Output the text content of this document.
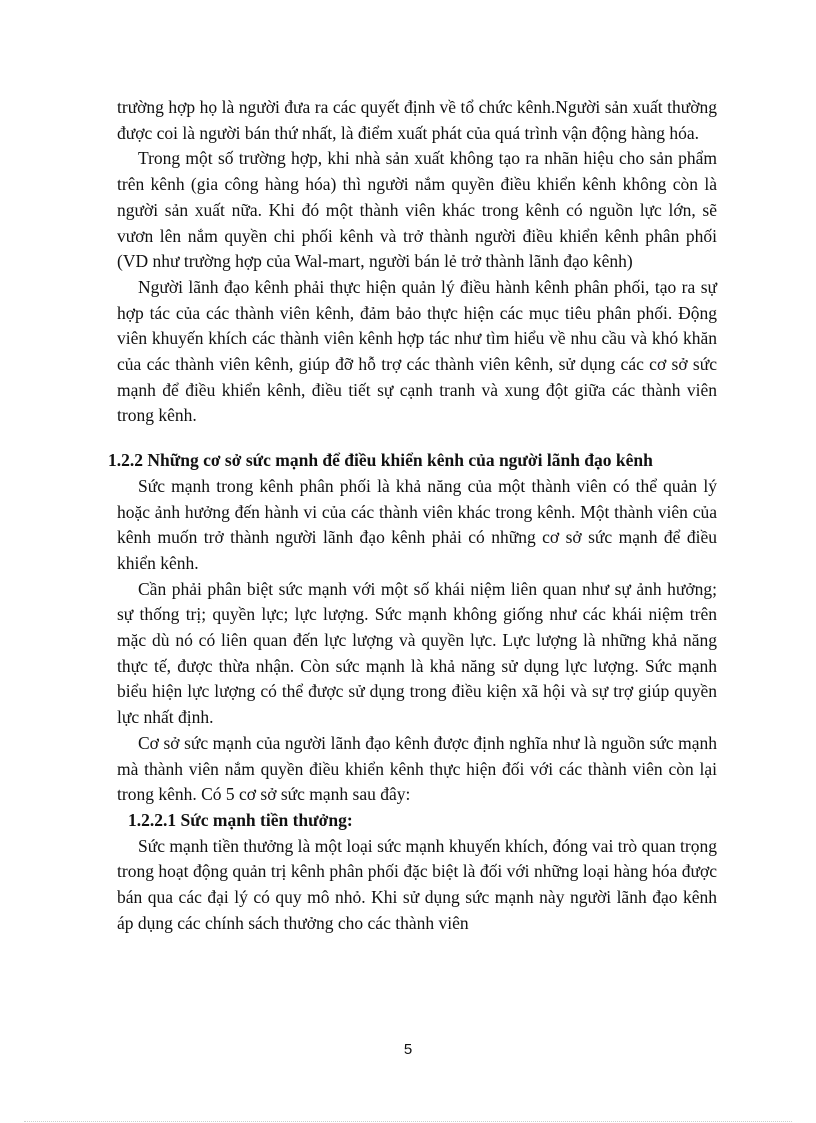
trường hợp họ là người đưa ra các quyết định về tổ chức kênh.Người sản xuất thường được coi là người bán thứ nhất, là điểm xuất phát của quá trình vận động hàng hóa.

Trong một số trường hợp, khi nhà sản xuất không tạo ra nhãn hiệu cho sản phẩm trên kênh (gia công hàng hóa) thì người nắm quyền điều khiển kênh không còn là người sản xuất nữa. Khi đó một thành viên khác trong kênh có nguồn lực lớn, sẽ vươn lên nắm quyền chi phối kênh và trở thành người điều khiển kênh phân phối (VD như trường hợp của Wal-mart, người bán lẻ trở thành lãnh đạo kênh)

Người lãnh đạo kênh phải thực hiện quản lý điều hành kênh phân phối, tạo ra sự hợp tác của các thành viên kênh, đảm bảo thực hiện các mục tiêu phân phối. Động viên khuyến khích các thành viên kênh hợp tác như tìm hiểu về nhu cầu và khó khăn của các thành viên kênh, giúp đỡ hỗ trợ các thành viên kênh, sử dụng các cơ sở sức mạnh để điều khiển kênh, điều tiết sự cạnh tranh và xung đột giữa các thành viên trong kênh.

1.2.2 Những cơ sở sức mạnh để điều khiển kênh của người lãnh đạo kênh

Sức mạnh trong kênh phân phối là khả năng của một thành viên có thể quản lý hoặc ảnh hưởng đến hành vi của các thành viên khác trong kênh. Một thành viên của kênh muốn trở thành người lãnh đạo kênh phải có những cơ sở sức mạnh để điều khiển kênh.

Cần phải phân biệt sức mạnh với một số khái niệm liên quan như sự ảnh hưởng; sự thống trị; quyền lực; lực lượng. Sức mạnh không giống như các khái niệm trên mặc dù nó có liên quan đến lực lượng và quyền lực. Lực lượng là những khả năng thực tế, được thừa nhận. Còn sức mạnh là khả năng sử dụng lực lượng. Sức mạnh biểu hiện lực lượng có thể được sử dụng trong điều kiện xã hội và sự trợ giúp quyền lực nhất định.

Cơ sở sức mạnh của người lãnh đạo kênh được định nghĩa như là nguồn sức mạnh mà thành viên nắm quyền điều khiển kênh thực hiện đối với các thành viên còn lại trong kênh. Có 5 cơ sở sức mạnh sau đây:

1.2.2.1 Sức mạnh tiền thưởng:

Sức mạnh tiền thưởng là một loại sức mạnh khuyến khích, đóng vai trò quan trọng trong hoạt động quản trị kênh phân phối đặc biệt là đối với những loại hàng hóa được bán qua các đại lý có quy mô nhỏ. Khi sử dụng sức mạnh này người lãnh đạo kênh áp dụng các chính sách thưởng cho các thành viên

5
